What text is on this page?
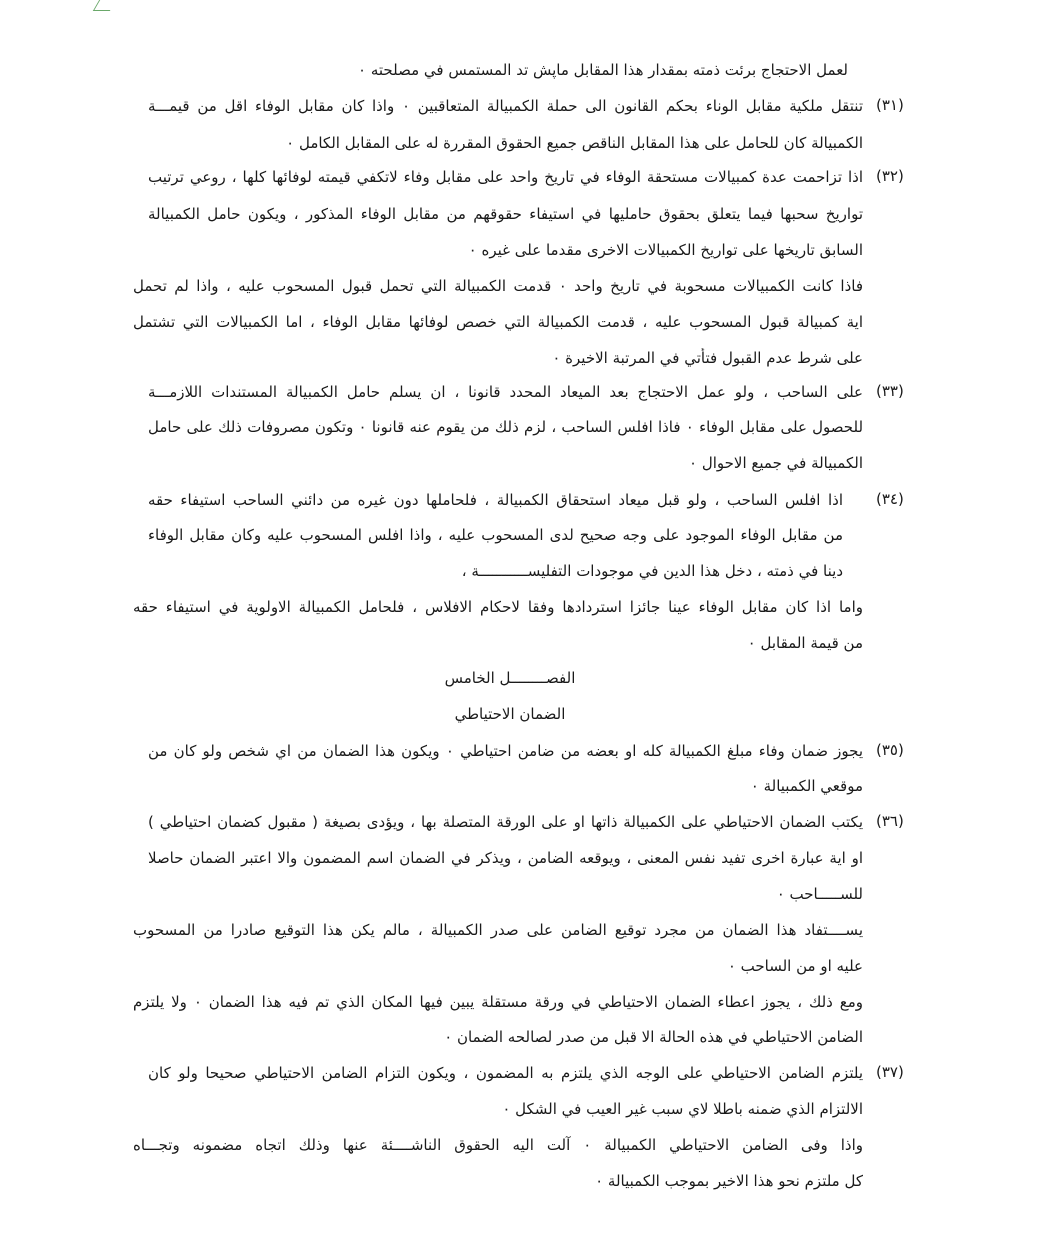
لعمل الاحتجاج برئت ذمته بمقدار هذا المقابل ماپش تد المستمس في مصلحته ٠
(٣١)
تنتقل ملكية مقابل الوناء بحكم القانون الى حملة الكمبيالة المتعاقبين ٠ واذا كان مقابل الوفاء اقل من قيمـــة
الكمبيالة كان للحامل على هذا المقابل الناقص جميع الحقوق المقررة له على المقابل الكامل ٠
(٣٢)
اذا تزاحمت عدة كمبيالات مستحقة الوفاء في تاريخ واحد على مقابل وفاء لاتكفي قيمته لوفائها كلها ، روعي ترتيب
تواريخ سحبها فيما يتعلق بحقوق حامليها في استيفاء حقوقهم من مقابل الوفاء المذكور ، ويكون حامل الكمبيالة
السابق تاريخها على تواريخ الكمبيالات الاخرى مقدما على غيره ٠
فاذا كانت الكمبيالات مسحوبة في تاريخ واحد ٠ قدمت الكمبيالة التي تحمل قبول المسحوب عليه ، واذا لم تحمل
اية كمبيالة قبول المسحوب عليه ، قدمت الكمبيالة التي خصص لوفائها مقابل الوفاء ، اما الكمبيالات التي تشتمل
على شرط عدم القبول فتأتي في المرتبة الاخيرة ٠
(٣٣)
على الساحب ، ولو عمل الاحتجاج بعد الميعاد المحدد قانونا ، ان يسلم حامل الكمبيالة المستندات اللازمـــة
للحصول على مقابل الوفاء ٠ فاذا افلس الساحب ، لزم ذلك من يقوم عنه قانونا ٠ وتكون مصروفات ذلك على حامل
الكمبيالة في جميع الاحوال ٠
(٣٤)
اذا افلس الساحب ، ولو قبل ميعاد استحقاق الكمبيالة ، فلحاملها دون غيره من دائني الساحب استيفاء حقه
من مقابل الوفاء الموجود على وجه صحيح لدى المسحوب عليه ، واذا افلس المسحوب عليه وكان مقابل الوفاء
دينا في ذمته ، دخل هذا الدين في موجودات التفليســـــــــــة ،
واما اذا كان مقابل الوفاء عينا جائزا استردادها وفقا لاحكام الافلاس ، فلحامل الكمبيالة الاولوية في استيفاء حقه
من قيمة المقابل ٠
الفصــــــــل الخامس
الضمان الاحتياطي
(٣٥)
يجوز ضمان وفاء مبلغ الكمبيالة كله او بعضه من ضامن احتياطي ٠ ويكون هذا الضمان من اي شخص ولو كان من
موقعي الكمبيالة ٠
(٣٦)
يكتب الضمان الاحتياطي على الكمبيالة ذاتها او على الورقة المتصلة بها ، ويؤدى بصيغة ( مقبول كضمان احتياطي )
او اية عبارة اخرى تفيد نفس المعنى ، ويوقعه الضامن ، ويذكر في الضمان اسم المضمون والا اعتبر الضمان حاصلا
للســـــاحب ٠
يســــتفاد هذا الضمان من مجرد توقيع الضامن على صدر الكمبيالة ، مالم يكن هذا التوقيع صادرا من المسحوب
عليه او من الساحب ٠
ومع ذلك ، يجوز اعطاء الضمان الاحتياطي في ورقة مستقلة يبين فيها المكان الذي تم فيه هذا الضمان ٠ ولا يلتزم
الضامن الاحتياطي في هذه الحالة الا قبل من صدر لصالحه الضمان ٠
(٣٧)
يلتزم الضامن الاحتياطي على الوجه الذي يلتزم به المضمون ، ويكون التزام الضامن الاحتياطي صحيحا ولو كان
الالتزام الذي ضمنه باطلا لاي سبب غير العيب في الشكل ٠
واذا وفى الضامن الاحتياطي الكمبيالة ٠ آلت اليه الحقوق الناشــــئة عنها وذلك اتجاه مضمونه وتجـــاه
كل ملتزم نحو هذا الاخير بموجب الكمبيالة ٠
